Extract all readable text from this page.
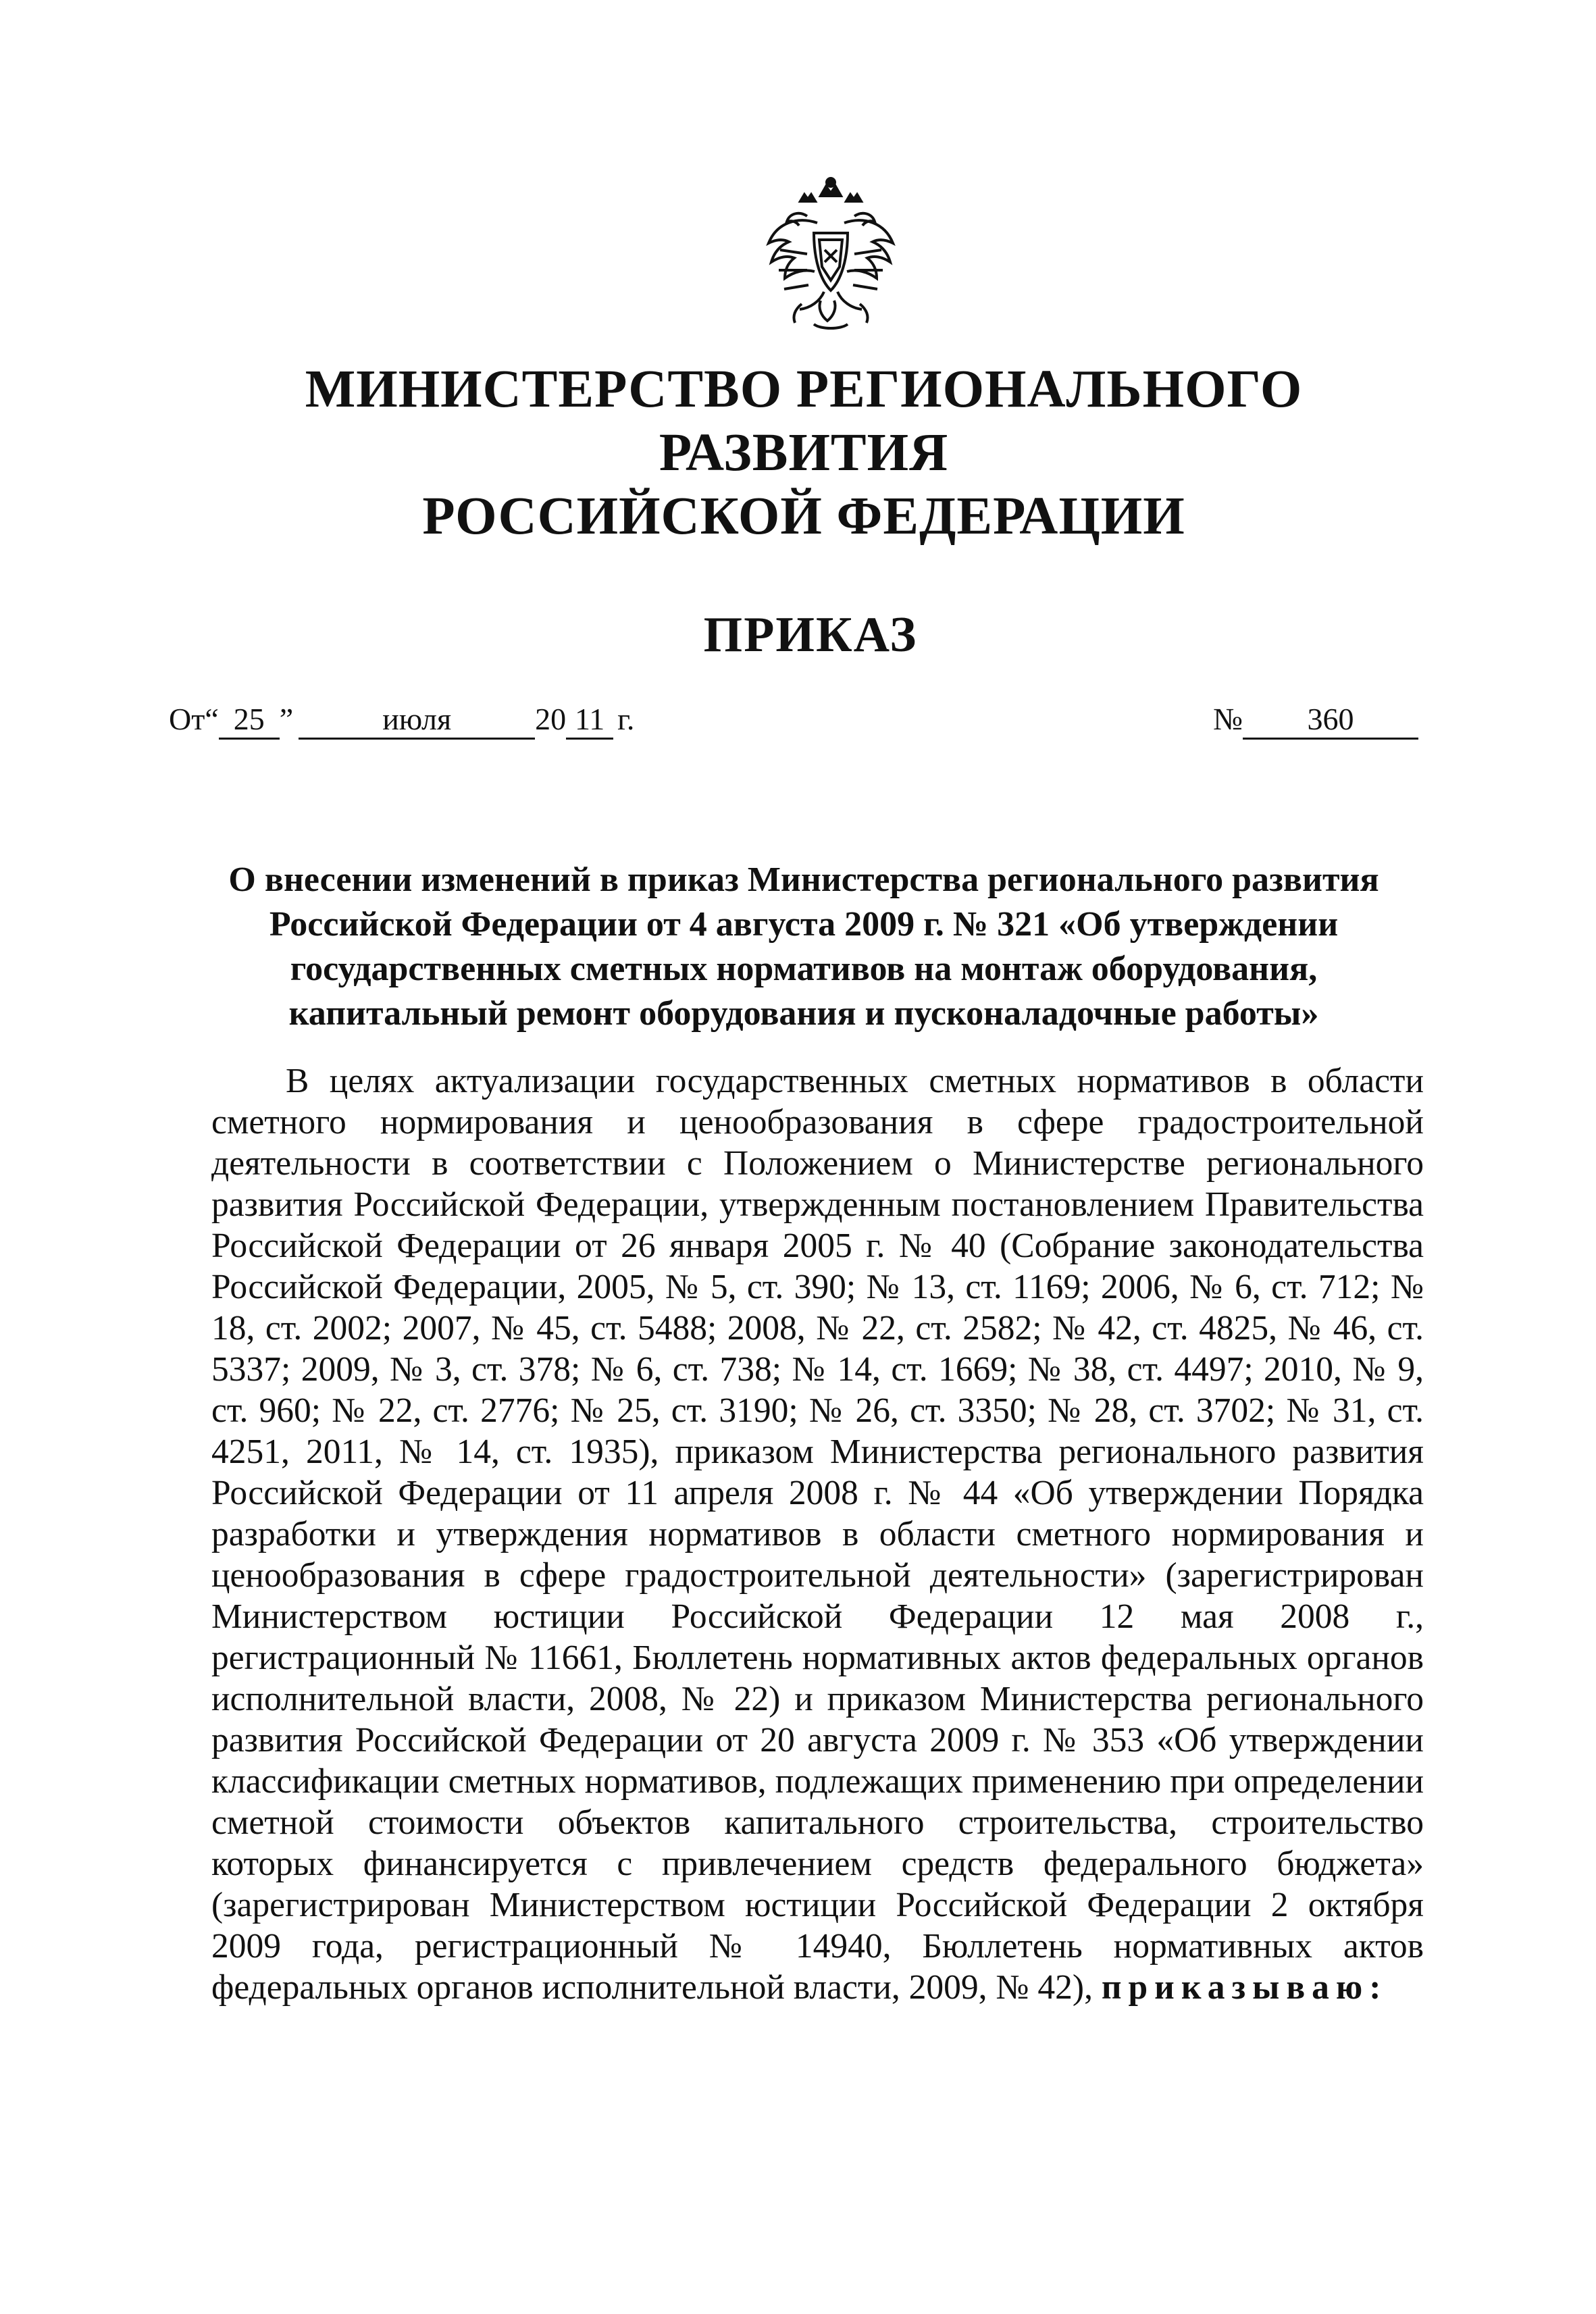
МИНИСТЕРСТВО РЕГИОНАЛЬНОГО РАЗВИТИЯ
РОССИЙСКОЙ ФЕДЕРАЦИИ
ПРИКАЗ
От“ 25 ”	июля	20 11 г.	№ 360
О внесении изменений в приказ Министерства регионального развития
Российской Федерации от 4 августа 2009 г. № 321 «Об утверждении
государственных сметных нормативов на монтаж оборудования,
капитальный ремонт оборудования и пусконаладочные работы»
В целях актуализации государственных сметных нормативов в области сметного нормирования и ценообразования в сфере градостроительной деятельности в соответствии с Положением о Министерстве регионального развития Российской Федерации, утвержденным постановлением Правительства Российской Федерации от 26 января 2005 г. № 40 (Собрание законодательства Российской Федерации, 2005, № 5, ст. 390; № 13, ст. 1169; 2006, № 6, ст. 712; № 18, ст. 2002; 2007, № 45, ст. 5488; 2008, № 22, ст. 2582; № 42, ст. 4825, № 46, ст. 5337; 2009, № 3, ст. 378; № 6, ст. 738; № 14, ст. 1669; № 38, ст. 4497; 2010, № 9, ст. 960; № 22, ст. 2776; № 25, ст. 3190; № 26, ст. 3350; № 28, ст. 3702; № 31, ст. 4251, 2011, № 14, ст. 1935), приказом Министерства регионального развития Российской Федерации от 11 апреля 2008 г. № 44 «Об утверждении Порядка разработки и утверждения нормативов в области сметного нормирования и ценообразования в сфере градостроительной деятельности» (зарегистрирован Министерством юстиции Российской Федерации 12 мая 2008 г., регистрационный № 11661, Бюллетень нормативных актов федеральных органов исполнительной власти, 2008, № 22) и приказом Министерства регионального развития Российской Федерации от 20 августа 2009 г. № 353 «Об утверждении классификации сметных нормативов, подлежащих применению при определении сметной стоимости объектов капитального строительства, строительство которых финансируется с привлечением средств федерального бюджета» (зарегистрирован Министерством юстиции Российской Федерации 2 октября 2009 года, регистрационный № 14940, Бюллетень нормативных актов федеральных органов исполнительной власти, 2009, № 42), приказываю:
